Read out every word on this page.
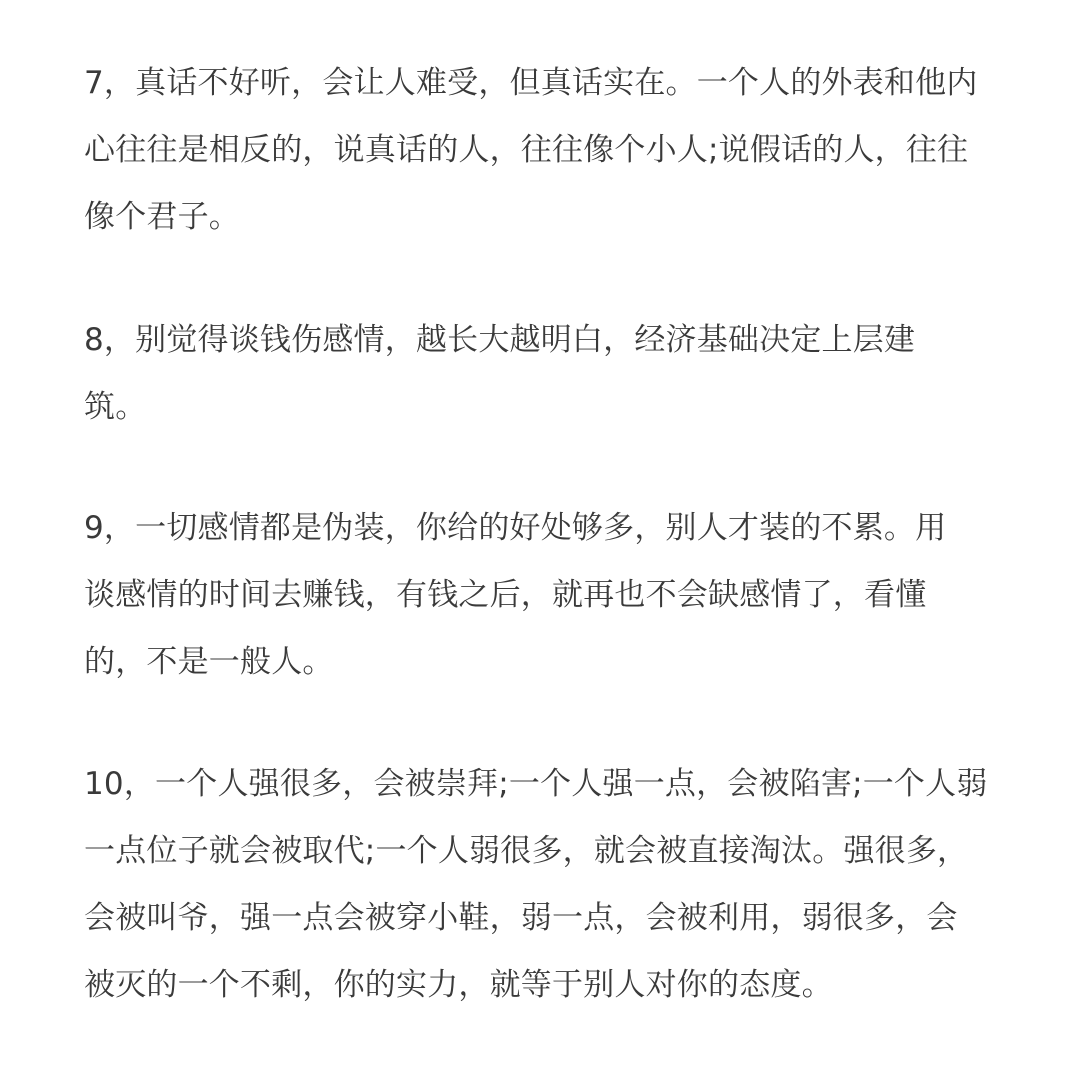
7，真话不好听，会让人难受，但真话实在。一个人的外表和他内
心往往是相反的，说真话的人，往往像个小人;说假话的人，往往
像个君子。
8，别觉得谈钱伤感情，越长大越明白，经济基础决定上层建
筑。
9，一切感情都是伪装，你给的好处够多，别人才装的不累。用
谈感情的时间去赚钱，有钱之后，就再也不会缺感情了，看懂
的，不是一般人。
10，一个人强很多，会被崇拜;一个人强一点，会被陷害;一个人弱
一点位子就会被取代;一个人弱很多，就会被直接淘汰。强很多，
会被叫爷，强一点会被穿小鞋，弱一点，会被利用，弱很多，会
被灭的一个不剩，你的实力，就等于别人对你的态度。
